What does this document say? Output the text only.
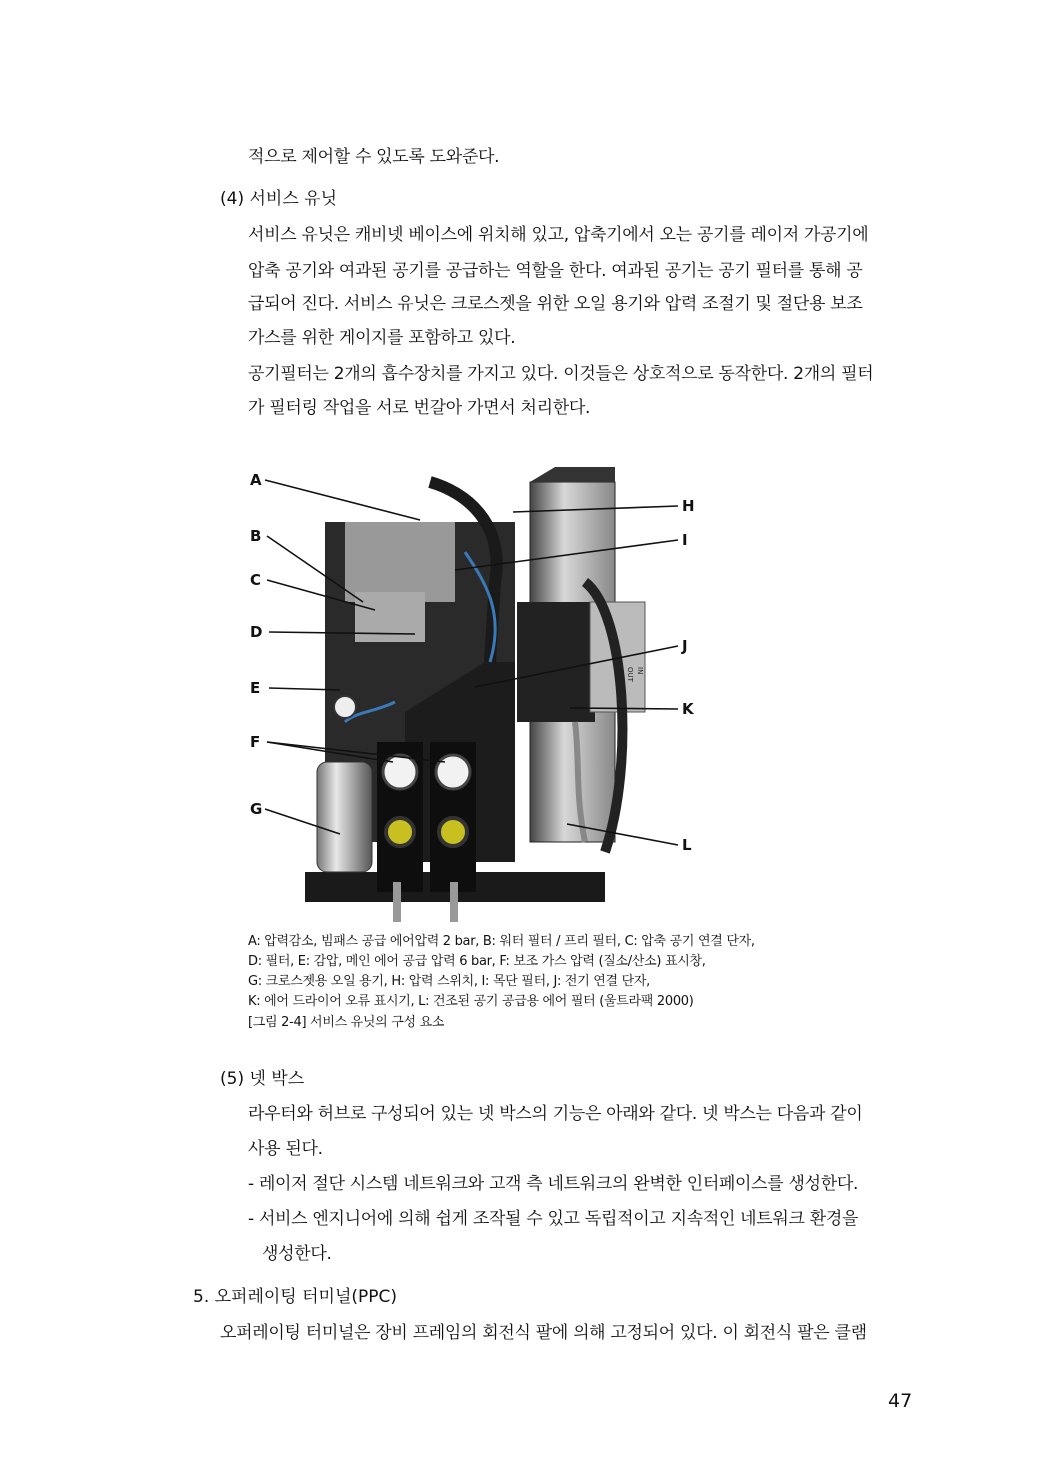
적으로 제어할 수 있도록 도와준다.
(4) 서비스 유닛
서비스 유닛은 캐비넷 베이스에 위치해 있고, 압축기에서 오는 공기를 레이저 가공기에
압축 공기와 여과된 공기를 공급하는 역할을 한다. 여과된 공기는 공기 필터를 통해 공
급되어 진다. 서비스 유닛은 크로스젯을 위한 오일 용기와 압력 조절기 및 절단용 보조
가스를 위한 게이지를 포함하고 있다.
공기필터는 2개의 흡수장치를 가지고 있다. 이것들은 상호적으로 동작한다. 2개의 필터
가 필터링 작업을 서로 번갈아 가면서 처리한다.
OUT IN
A
B
C
D
E
F
G
H
I
J
K
L
A: 압력감소, 빔패스 공급 에어압력 2 bar, B: 워터 필터 / 프리 필터, C: 압축 공기 연결 단자,
D: 필터, E: 감압, 메인 에어 공급 압력 6 bar, F: 보조 가스 압력 (질소/산소) 표시창,
G: 크로스젯용 오일 용기, H: 압력 스위치, I: 목단 필터, J: 전기 연결 단자,
K: 에어 드라이어 오류 표시기, L: 건조된 공기 공급용 에어 필터 (울트라팩 2000)
[그림 2-4] 서비스 유닛의 구성 요소
(5) 넷 박스
라우터와 허브로 구성되어 있는 넷 박스의 기능은 아래와 같다. 넷 박스는 다음과 같이
사용 된다.
- 레이저 절단 시스템 네트워크와 고객 측 네트워크의 완벽한 인터페이스를 생성한다.
- 서비스 엔지니어에 의해 쉽게 조작될 수 있고 독립적이고 지속적인 네트워크 환경을
생성한다.
5. 오퍼레이팅 터미널(PPC)
오퍼레이팅 터미널은 장비 프레임의 회전식 팔에 의해 고정되어 있다. 이 회전식 팔은 클램
47
